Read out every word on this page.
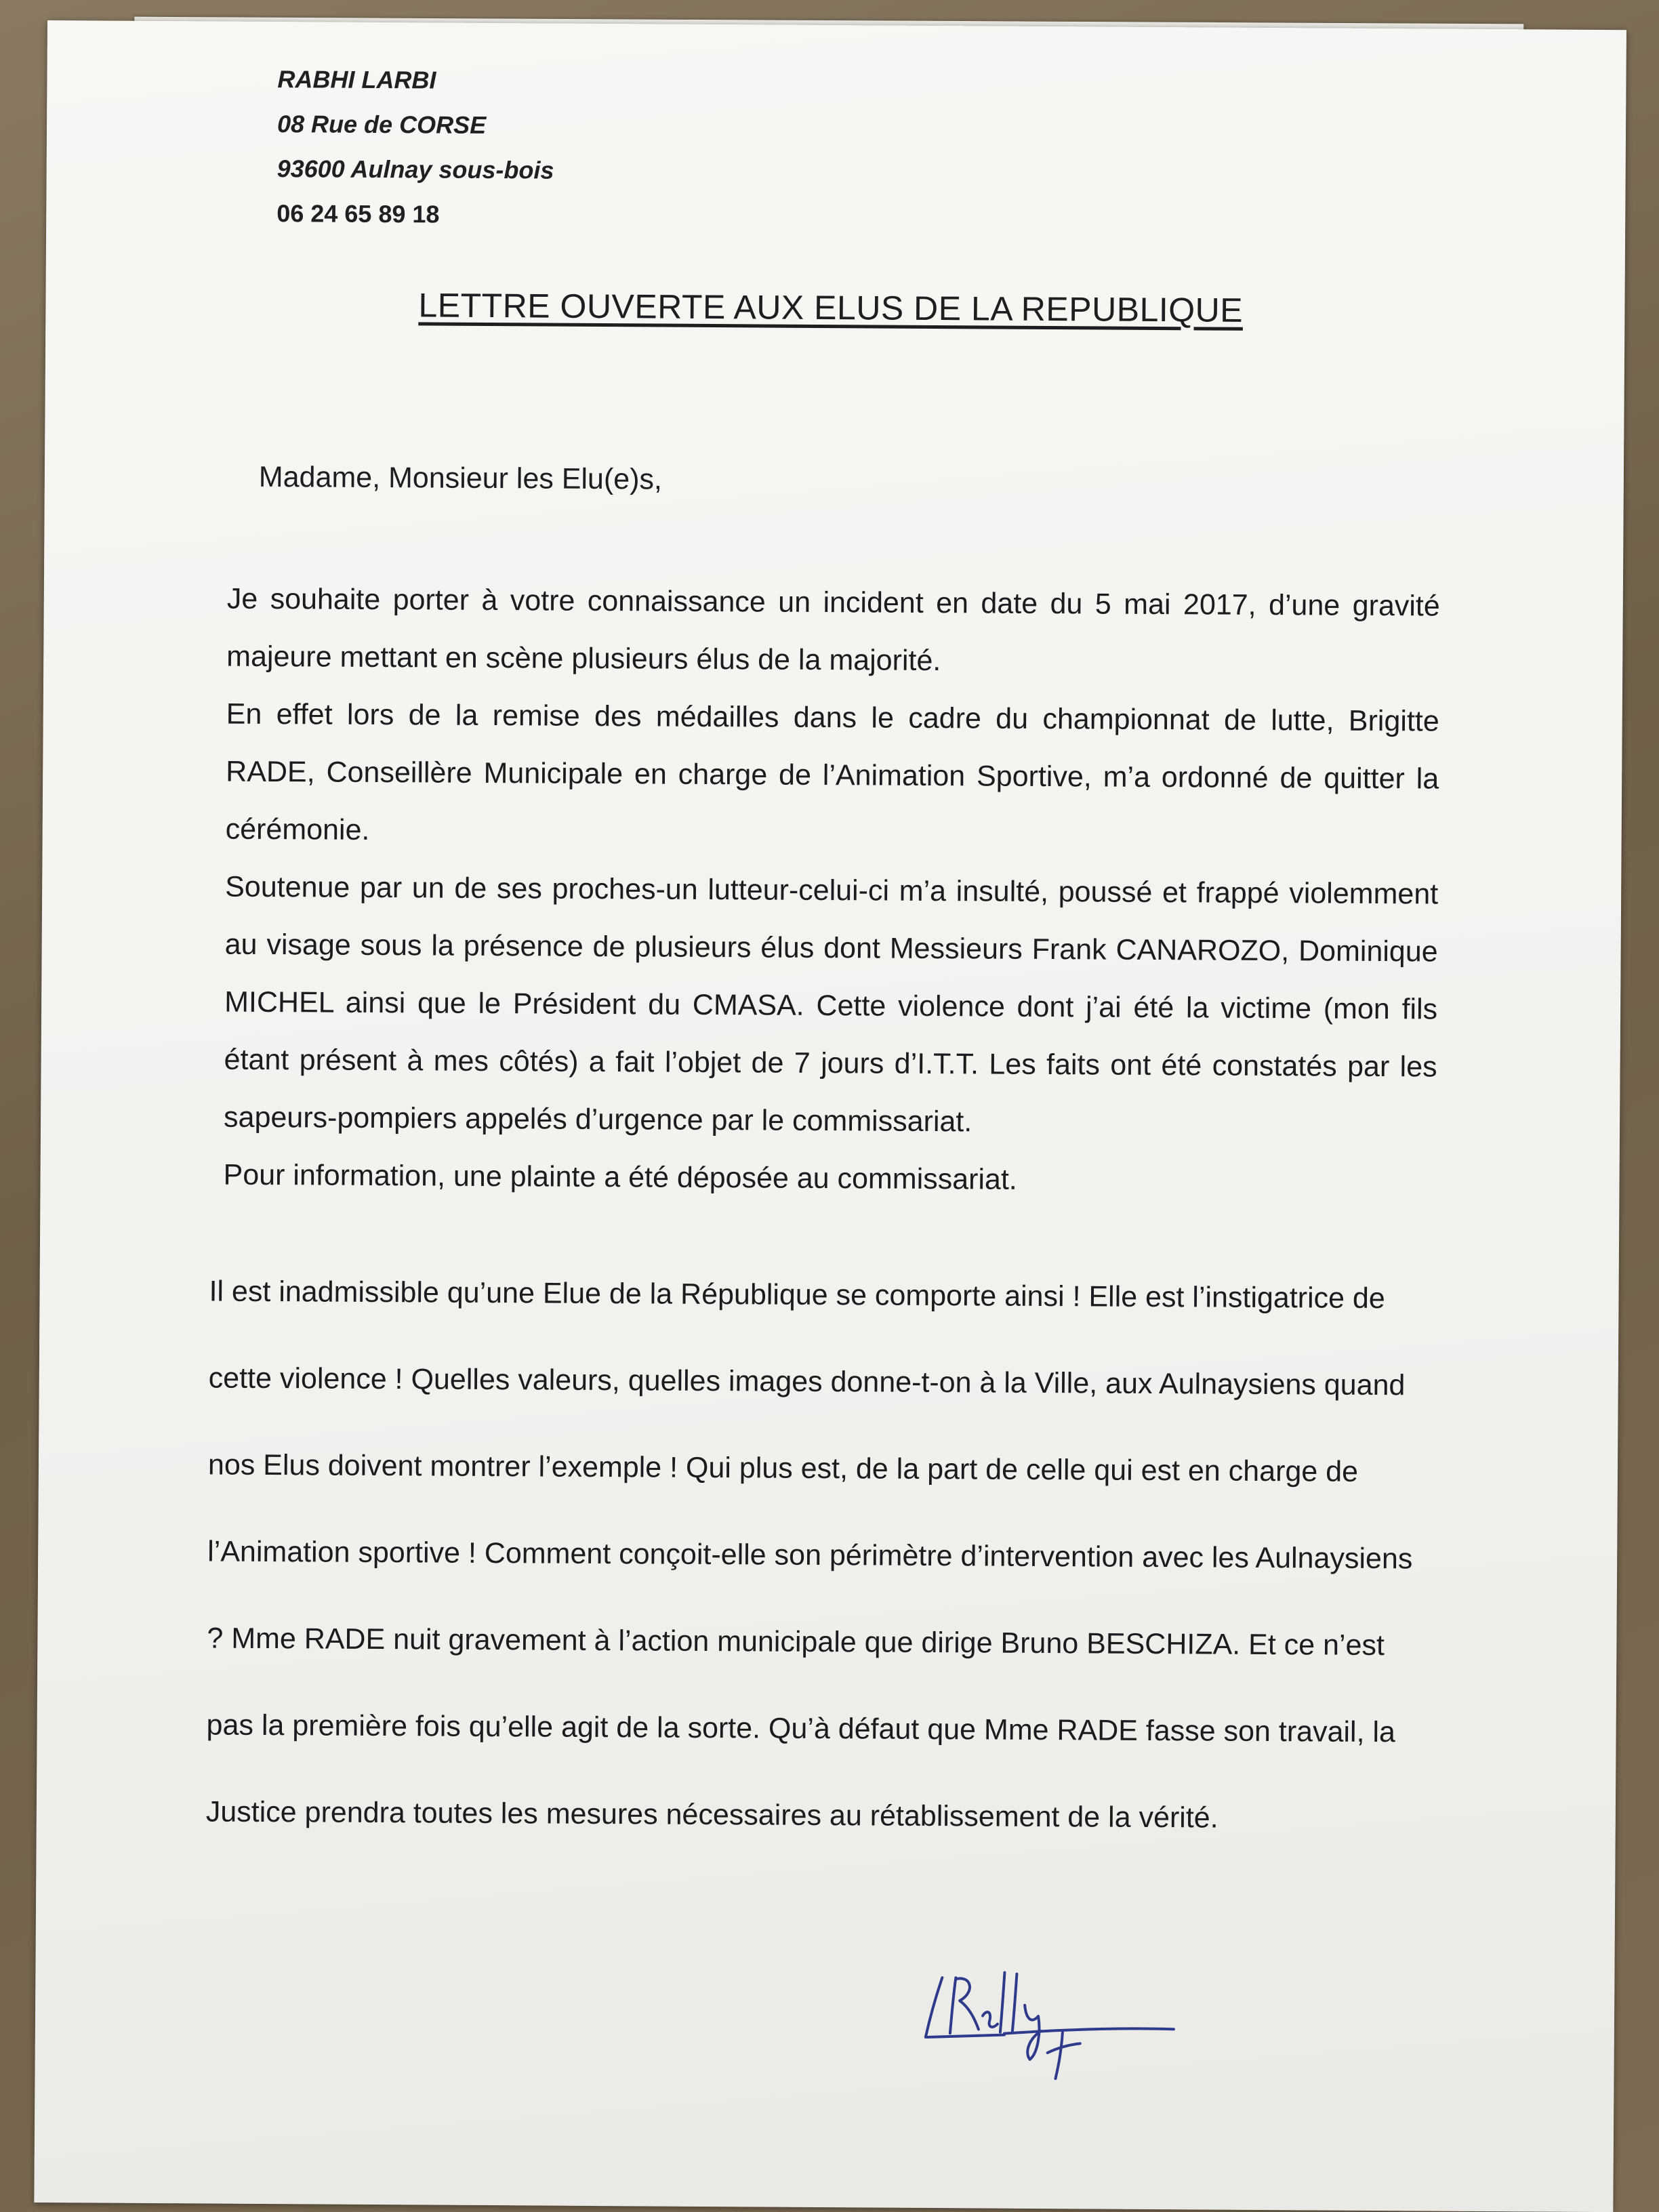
RABHI LARBI
08 Rue de CORSE
93600 Aulnay sous-bois
06 24 65 89 18
LETTRE OUVERTE AUX ELUS DE LA REPUBLIQUE
Madame, Monsieur les Elu(e)s,

Je souhaite porter à votre connaissance un incident en date du 5 mai 2017, d’une gravité majeure mettant en scène plusieurs élus de la majorité.

En effet lors de la remise des médailles dans le cadre du championnat de lutte, Brigitte RADE, Conseillère Municipale en charge de l’Animation Sportive, m’a ordonné de quitter la cérémonie.

Soutenue par un de ses proches-un lutteur-celui-ci m’a insulté, poussé et frappé violemment au visage sous la présence de plusieurs élus dont Messieurs Frank CANAROZO, Dominique MICHEL ainsi que le Président du CMASA. Cette violence dont j’ai été la victime (mon fils étant présent à mes côtés) a fait l’objet de 7 jours d’I.T.T. Les faits ont été constatés par les sapeurs-pompiers appelés d’urgence par le commissariat.

Pour information, une plainte a été déposée au commissariat.

Il est inadmissible qu’une Elue de la République se comporte ainsi ! Elle est l’instigatrice de cette violence ! Quelles valeurs, quelles images donne-t-on à la Ville, aux Aulnaysiens quand nos Elus doivent montrer l’exemple ! Qui plus est, de la part de celle qui est en charge de l’Animation sportive ! Comment conçoit-elle son périmètre d’intervention avec les Aulnaysiens ? Mme RADE nuit gravement à l’action municipale que dirige Bruno BESCHIZA. Et ce n’est pas la première fois qu’elle agit de la sorte. Qu’à défaut que Mme RADE fasse son travail, la Justice prendra toutes les mesures nécessaires au rétablissement de la vérité.
